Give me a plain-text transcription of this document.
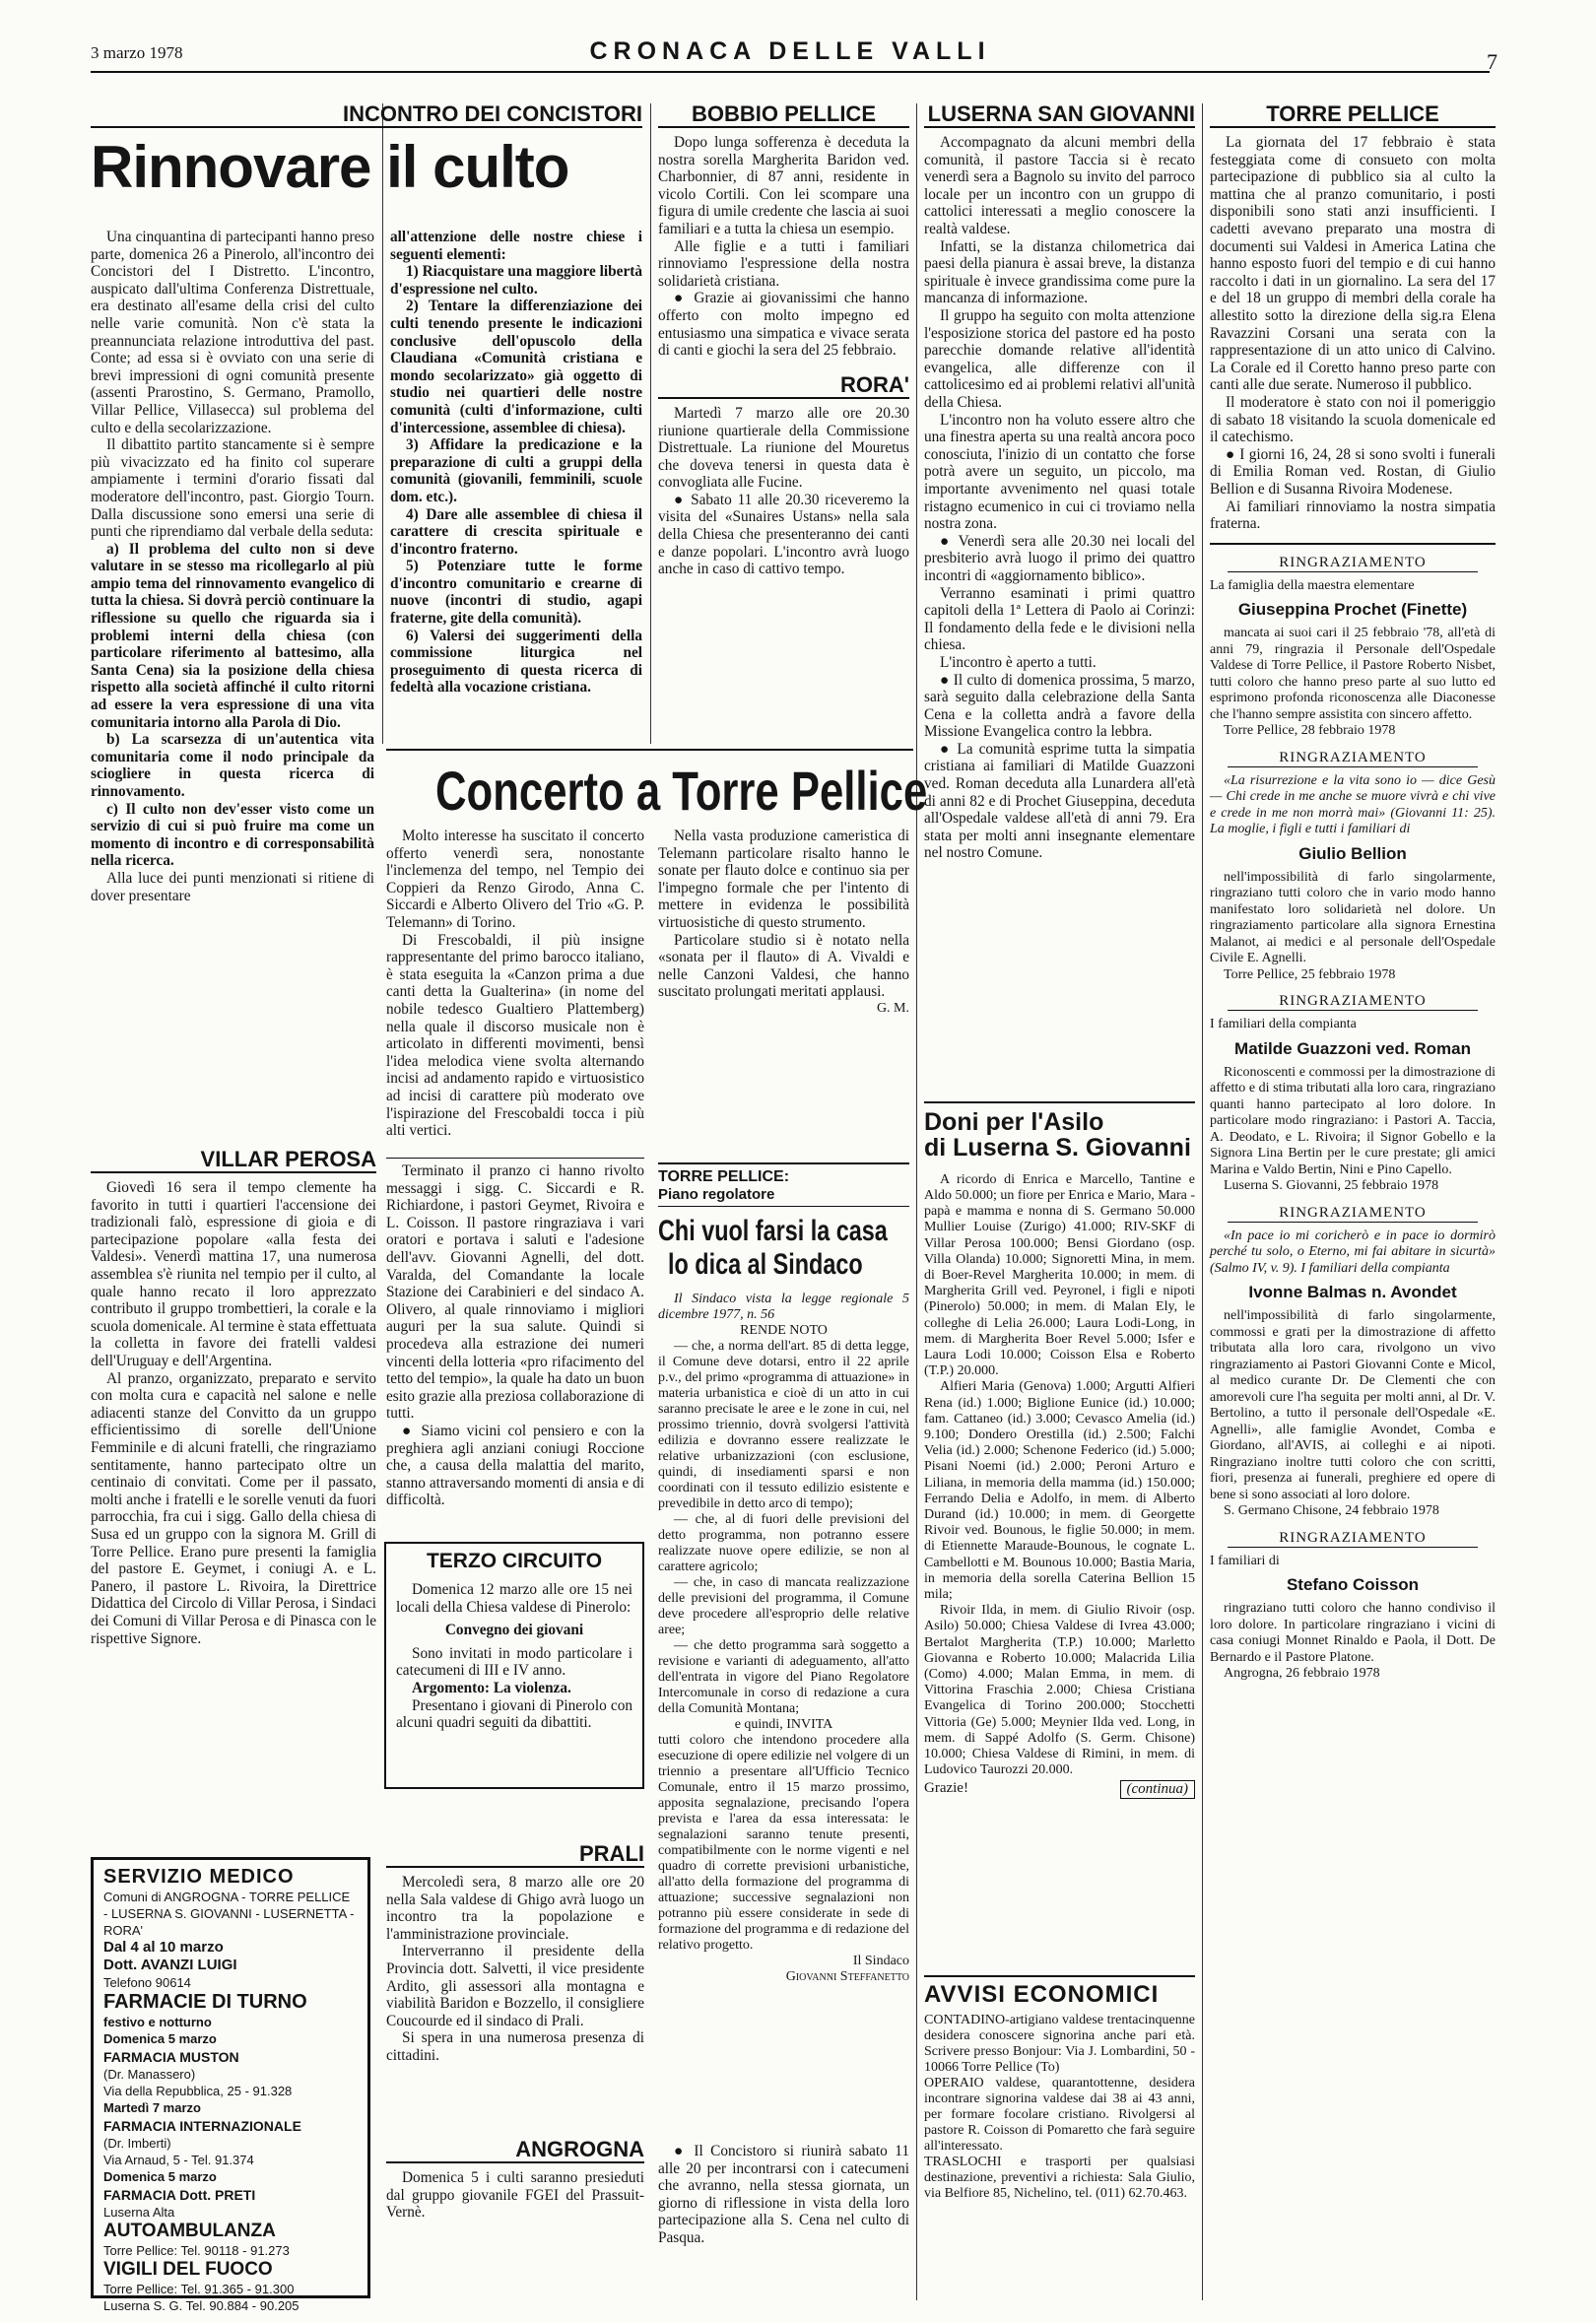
3 marzo 1978	CRONACA DELLE VALLI	7
INCONTRO DEI CONCISTORI
Rinnovare il culto

Una cinquantina di partecipanti hanno preso parte, domenica 26 a Pinerolo, all'incontro dei Concistori del I Distretto. L'incontro, auspicato dall'ultima Conferenza Distrettuale, era destinato all'esame della crisi del culto nelle varie comunità. Non c'è stata la preannunciata relazione introduttiva del past. Conte; ad essa si è ovviato con una serie di brevi impressioni di ogni comunità presente (assenti Prarostino, S. Germano, Pramollo, Villar Pellice, Villasecca) sul problema del culto e della secolarizzazione.

Il dibattito partito stancamente si è sempre più vivacizzato ed ha finito col superare ampiamente i termini d'orario fissati dal moderatore dell'incontro, past. Giorgio Tourn. Dalla discussione sono emersi una serie di punti che riprendiamo dal verbale della seduta:

a) Il problema del culto non si deve valutare in se stesso ma ricollegarlo al più ampio tema del rinnovamento evangelico di tutta la chiesa. Si dovrà perciò continuare la riflessione su quello che riguarda sia i problemi interni della chiesa (con particolare riferimento al battesimo, alla Santa Cena) sia la posizione della chiesa rispetto alla società affinché il culto ritorni ad essere la vera espressione di una vita comunitaria intorno alla Parola di Dio.

b) La scarsezza di un'autentica vita comunitaria come il nodo principale da sciogliere in questa ricerca di rinnovamento.

c) Il culto non dev'esser visto come un servizio di cui si può fruire ma come un momento di incontro e di corresponsabilità nella ricerca.

Alla luce dei punti menzionati si ritiene di dover presentare

all'attenzione delle nostre chiese i seguenti elementi:

1) Riacquistare una maggiore libertà d'espressione nel culto.

2) Tentare la differenziazione dei culti tenendo presente le indicazioni conclusive dell'opuscolo della Claudiana «Comunità cristiana e mondo secolarizzato» già oggetto di studio nei quartieri delle nostre comunità (culti d'informazione, culti d'intercessione, assemblee di chiesa).

3) Affidare la predicazione e la preparazione di culti a gruppi della comunità (giovanili, femminili, scuole dom. etc.).

4) Dare alle assemblee di chiesa il carattere di crescita spirituale e d'incontro fraterno.

5) Potenziare tutte le forme d'incontro comunitario e crearne di nuove (incontri di studio, agapi fraterne, gite della comunità).

6) Valersi dei suggerimenti della commissione liturgica nel proseguimento di questa ricerca di fedeltà alla vocazione cristiana.

BOBBIO PELLICE

Dopo lunga sofferenza è deceduta la nostra sorella Margherita Baridon ved. Charbonnier, di 87 anni, residente in vicolo Cortili. Con lei scompare una figura di umile credente che lascia ai suoi familiari e a tutta la chiesa un esempio.

Alle figlie e a tutti i familiari rinnoviamo l'espressione della nostra solidarietà cristiana.

● Grazie ai giovanissimi che hanno offerto con molto impegno ed entusiasmo una simpatica e vivace serata di canti e giochi la sera del 25 febbraio.

RORA'

Martedì 7 marzo alle ore 20.30 riunione quartierale della Commissione Distrettuale. La riunione del Mouretus che doveva tenersi in questa data è convogliata alle Fucine.

● Sabato 11 alle 20.30 riceveremo la visita del «Sunaires Ustans» nella sala della Chiesa che presenteranno dei canti e danze popolari. L'incontro avrà luogo anche in caso di cattivo tempo.

LUSERNA SAN GIOVANNI

Accompagnato da alcuni membri della comunità, il pastore Taccia si è recato venerdì sera a Bagnolo su invito del parroco locale per un incontro con un gruppo di cattolici interessati a meglio conoscere la realtà valdese.

Infatti, se la distanza chilometrica dai paesi della pianura è assai breve, la distanza spirituale è invece grandissima come pure la mancanza di informazione.

Il gruppo ha seguito con molta attenzione l'esposizione storica del pastore ed ha posto parecchie domande relative all'identità evangelica, alle differenze con il cattolicesimo ed ai problemi relativi all'unità della Chiesa.

L'incontro non ha voluto essere altro che una finestra aperta su una realtà ancora poco conosciuta, l'inizio di un contatto che forse potrà avere un seguito, un piccolo, ma importante avvenimento nel quasi totale ristagno ecumenico in cui ci troviamo nella nostra zona.

● Venerdì sera alle 20.30 nei locali del presbiterio avrà luogo il primo dei quattro incontri di «aggiornamento biblico».

Verranno esaminati i primi quattro capitoli della 1ª Lettera di Paolo ai Corinzi: Il fondamento della fede e le divisioni nella chiesa.

L'incontro è aperto a tutti.

● Il culto di domenica prossima, 5 marzo, sarà seguito dalla celebrazione della Santa Cena e la colletta andrà a favore della Missione Evangelica contro la lebbra.

● La comunità esprime tutta la simpatia cristiana ai familiari di Matilde Guazzoni ved. Roman deceduta alla Lunardera all'età di anni 82 e di Prochet Giuseppina, deceduta all'Ospedale valdese all'età di anni 79. Era stata per molti anni insegnante elementare nel nostro Comune.

TORRE PELLICE

La giornata del 17 febbraio è stata festeggiata come di consueto con molta partecipazione di pubblico sia al culto la mattina che al pranzo comunitario, i posti disponibili sono stati anzi insufficienti. I cadetti avevano preparato una mostra di documenti sui Valdesi in America Latina che hanno esposto fuori del tempio e di cui hanno raccolto i dati in un giornalino. La sera del 17 e del 18 un gruppo di membri della corale ha allestito sotto la direzione della sig.ra Elena Ravazzini Corsani una serata con la rappresentazione di un atto unico di Calvino. La Corale ed il Coretto hanno preso parte con canti alle due serate. Numeroso il pubblico.

Il moderatore è stato con noi il pomeriggio di sabato 18 visitando la scuola domenicale ed il catechismo.

● I giorni 16, 24, 28 si sono svolti i funerali di Emilia Roman ved. Rostan, di Giulio Bellion e di Susanna Rivoira Modenese.

Ai familiari rinnoviamo la nostra simpatia fraterna.

RINGRAZIAMENTO

La famiglia della maestra elementare

Giuseppina Prochet (Finette)

mancata ai suoi cari il 25 febbraio '78, all'età di anni 79, ringrazia il Personale dell'Ospedale Valdese di Torre Pellice, il Pastore Roberto Nisbet, tutti coloro che hanno preso parte al suo lutto ed esprimono profonda riconoscenza alle Diaconesse che l'hanno sempre assistita con sincero affetto.

Torre Pellice, 28 febbraio 1978

RINGRAZIAMENTO

«La risurrezione e la vita sono io — dice Gesù — Chi crede in me anche se muore vivrà e chi vive e crede in me non morrà mai» (Giovanni 11: 25). La moglie, i figli e tutti i familiari di

Giulio Bellion

nell'impossibilità di farlo singolarmente, ringraziano tutti coloro che in vario modo hanno manifestato loro solidarietà nel dolore. Un ringraziamento particolare alla signora Ernestina Malanot, ai medici e al personale dell'Ospedale Civile E. Agnelli.

Torre Pellice, 25 febbraio 1978

RINGRAZIAMENTO

I familiari della compianta

Matilde Guazzoni ved. Roman

Riconoscenti e commossi per la dimostrazione di affetto e di stima tributati alla loro cara, ringraziano quanti hanno partecipato al loro dolore. In particolare modo ringraziano: i Pastori A. Taccia, A. Deodato, e L. Rivoira; il Signor Gobello e la Signora Lina Bertin per le cure prestate; gli amici Marina e Valdo Bertin, Nini e Pino Capello.

Luserna S. Giovanni, 25 febbraio 1978

RINGRAZIAMENTO

«In pace io mi coricherò e in pace io dormirò perché tu solo, o Eterno, mi fai abitare in sicurtà» (Salmo IV, v. 9). I familiari della compianta

Ivonne Balmas n. Avondet

nell'impossibilità di farlo singolarmente, commossi e grati per la dimostrazione di affetto tributata alla loro cara, rivolgono un vivo ringraziamento ai Pastori Giovanni Conte e Micol, al medico curante Dr. De Clementi che con amorevoli cure l'ha seguita per molti anni, al Dr. V. Bertolino, a tutto il personale dell'Ospedale «E. Agnelli», alle famiglie Avondet, Comba e Giordano, all'AVIS, ai colleghi e ai nipoti. Ringraziano inoltre tutti coloro che con scritti, fiori, presenza ai funerali, preghiere ed opere di bene si sono associati al loro dolore.

S. Germano Chisone, 24 febbraio 1978

RINGRAZIAMENTO

I familiari di

Stefano Coisson

ringraziano tutti coloro che hanno condiviso il loro dolore. In particolare ringraziano i vicini di casa coniugi Monnet Rinaldo e Paola, il Dott. De Bernardo e il Pastore Platone.

Angrogna, 26 febbraio 1978

Concerto a Torre Pellice

Molto interesse ha suscitato il concerto offerto venerdì sera, nonostante l'inclemenza del tempo, nel Tempio dei Coppieri da Renzo Girodo, Anna C. Siccardi e Alberto Olivero del Trio «G. P. Telemann» di Torino.

Di Frescobaldi, il più insigne rappresentante del primo barocco italiano, è stata eseguita la «Canzon prima a due canti detta la Gualterina» (in nome del nobile tedesco Gualtiero Plattemberg) nella quale il discorso musicale non è articolato in differenti movimenti, bensì l'idea melodica viene svolta alternando incisi ad andamento rapido e virtuosistico ad incisi di carattere più moderato ove l'ispirazione del Frescobaldi tocca i più alti vertici.

Nella vasta produzione cameristica di Telemann particolare risalto hanno le sonate per flauto dolce e continuo sia per l'impegno formale che per l'intento di mettere in evidenza le possibilità virtuosistiche di questo strumento.

Particolare studio si è notato nella «sonata per il flauto» di A. Vivaldi e nelle Canzoni Valdesi, che hanno suscitato prolungati meritati applausi.

G. M.
VILLAR PEROSA

Giovedì 16 sera il tempo clemente ha favorito in tutti i quartieri l'accensione dei tradizionali falò, espressione di gioia e di partecipazione popolare «alla festa dei Valdesi». Venerdì mattina 17, una numerosa assemblea s'è riunita nel tempio per il culto, al quale hanno recato il loro apprezzato contributo il gruppo trombettieri, la corale e la scuola domenicale. Al termine è stata effettuata la colletta in favore dei fratelli valdesi dell'Uruguay e dell'Argentina.

Al pranzo, organizzato, preparato e servito con molta cura e capacità nel salone e nelle adiacenti stanze del Convitto da un gruppo efficientissimo di sorelle dell'Unione Femminile e di alcuni fratelli, che ringraziamo sentitamente, hanno partecipato oltre un centinaio di convitati. Come per il passato, molti anche i fratelli e le sorelle venuti da fuori parrocchia, fra cui i sigg. Gallo della chiesa di Susa ed un gruppo con la signora M. Grill di Torre Pellice. Erano pure presenti la famiglia del pastore E. Geymet, i coniugi A. e L. Panero, il pastore L. Rivoira, la Direttrice Didattica del Circolo di Villar Perosa, i Sindaci dei Comuni di Villar Perosa e di Pinasca con le rispettive Signore.

Terminato il pranzo ci hanno rivolto messaggi i sigg. C. Siccardi e R. Richiardone, i pastori Geymet, Rivoira e L. Coisson. Il pastore ringraziava i vari oratori e portava i saluti e l'adesione dell'avv. Giovanni Agnelli, del dott. Varalda, del Comandante la locale Stazione dei Carabinieri e del sindaco A. Olivero, al quale rinnoviamo i migliori auguri per la sua salute. Quindi si procedeva alla estrazione dei numeri vincenti della lotteria «pro rifacimento del tetto del tempio», la quale ha dato un buon esito grazie alla preziosa collaborazione di tutti.

● Siamo vicini col pensiero e con la preghiera agli anziani coniugi Roccione che, a causa della malattia del marito, stanno attraversando momenti di ansia e di difficoltà.

TERZO CIRCUITO

Domenica 12 marzo alle ore 15 nei locali della Chiesa valdese di Pinerolo:

Convegno dei giovani

Sono invitati in modo particolare i catecumeni di III e IV anno.

Argomento: La violenza.

Presentano i giovani di Pinerolo con alcuni quadri seguiti da dibattiti.

PRALI

Mercoledì sera, 8 marzo alle ore 20 nella Sala valdese di Ghigo avrà luogo un incontro tra la popolazione e l'amministrazione provinciale.

Interverranno il presidente della Provincia dott. Salvetti, il vice presidente Ardito, gli assessori alla montagna e viabilità Baridon e Bozzello, il consigliere Coucourde ed il sindaco di Prali.

Si spera in una numerosa presenza di cittadini.

ANGROGNA

Domenica 5 i culti saranno presieduti dal gruppo giovanile FGEI del Prassuit-Vernè.

● Il Concistoro si riunirà sabato 11 alle 20 per incontrarsi con i catecumeni che avranno, nella stessa giornata, un giorno di riflessione in vista della loro partecipazione alla S. Cena nel culto di Pasqua.

SERVIZIO MEDICO
Comuni di ANGROGNA - TORRE PELLICE - LUSERNA S. GIOVANNI - LUSERNETTA - RORA'
Dal 4 al 10 marzo
Dott. AVANZI LUIGI
Telefono 90614
FARMACIE DI TURNO
festivo e notturno
Domenica 5 marzo
FARMACIA MUSTON
(Dr. Manassero)
Via della Repubblica, 25 - 91.328
Martedì 7 marzo
FARMACIA INTERNAZIONALE
(Dr. Imberti)
Via Arnaud, 5 - Tel. 91.374
Domenica 5 marzo
FARMACIA Dott. PRETI
Luserna Alta
AUTOAMBULANZA
Torre Pellice: Tel. 90118 - 91.273
VIGILI DEL FUOCO
Torre Pellice: Tel. 91.365 - 91.300
Luserna S. G. Tel. 90.884 - 90.205
TORRE PELLICE:
Piano regolatore
Chi vuol farsi la casa
lo dica al Sindaco

Il Sindaco vista la legge regionale 5 dicembre 1977, n. 56

RENDE NOTO

— che, a norma dell'art. 85 di detta legge, il Comune deve dotarsi, entro il 22 aprile p.v., del primo «programma di attuazione» in materia urbanistica e cioè di un atto in cui saranno precisate le aree e le zone in cui, nel prossimo triennio, dovrà svolgersi l'attività edilizia e dovranno essere realizzate le relative urbanizzazioni (con esclusione, quindi, di insediamenti sparsi e non coordinati con il tessuto edilizio esistente e prevedibile in detto arco di tempo);

— che, al di fuori delle previsioni del detto programma, non potranno essere realizzate nuove opere edilizie, se non al carattere agricolo;

— che, in caso di mancata realizzazione delle previsioni del programma, il Comune deve procedere all'esproprio delle relative aree;

— che detto programma sarà soggetto a revisione e varianti di adeguamento, all'atto dell'entrata in vigore del Piano Regolatore Intercomunale in corso di redazione a cura della Comunità Montana;

e quindi, INVITA

tutti coloro che intendono procedere alla esecuzione di opere edilizie nel volgere di un triennio a presentare all'Ufficio Tecnico Comunale, entro il 15 marzo prossimo, apposita segnalazione, precisando l'opera prevista e l'area da essa interessata: le segnalazioni saranno tenute presenti, compatibilmente con le norme vigenti e nel quadro di corrette previsioni urbanistiche, all'atto della formazione del programma di attuazione; successive segnalazioni non potranno più essere considerate in sede di formazione del programma e di redazione del relativo progetto.

Il Sindaco
Giovanni Steffanetto
Doni per l'Asilo
di Luserna S. Giovanni

A ricordo di Enrica e Marcello, Tantine e Aldo 50.000; un fiore per Enrica e Mario, Mara - papà e mamma e nonna di S. Germano 50.000 Mullier Louise (Zurigo) 41.000; RIV-SKF di Villar Perosa 100.000; Bensi Giordano (osp. Villa Olanda) 10.000; Signoretti Mina, in mem. di Boer-Revel Margherita 10.000; in mem. di Margherita Grill ved. Peyronel, i figli e nipoti (Pinerolo) 50.000; in mem. di Malan Ely, le colleghe di Lelia 26.000; Laura Lodi-Long, in mem. di Margherita Boer Revel 5.000; Isfer e Laura Lodi 10.000; Coisson Elsa e Roberto (T.P.) 20.000.

Alfieri Maria (Genova) 1.000; Argutti Alfieri Rena (id.) 1.000; Biglione Eunice (id.) 10.000; fam. Cattaneo (id.) 3.000; Cevasco Amelia (id.) 9.100; Dondero Orestilla (id.) 2.500; Falchi Velia (id.) 2.000; Schenone Federico (id.) 5.000; Pisani Noemi (id.) 2.000; Peroni Arturo e Liliana, in memoria della mamma (id.) 150.000; Ferrando Delia e Adolfo, in mem. di Alberto Durand (id.) 10.000; in mem. di Georgette Rivoir ved. Bounous, le figlie 50.000; in mem. di Etiennette Maraude-Bounous, le cognate L. Cambellotti e M. Bounous 10.000; Bastia Maria, in memoria della sorella Caterina Bellion 15 mila;

Rivoir Ilda, in mem. di Giulio Rivoir (osp. Asilo) 50.000; Chiesa Valdese di Ivrea 43.000; Bertalot Margherita (T.P.) 10.000; Marletto Giovanna e Roberto 10.000; Malacrida Lilia (Como) 4.000; Malan Emma, in mem. di Vittorina Fraschia 2.000; Chiesa Cristiana Evangelica di Torino 200.000; Stocchetti Vittoria (Ge) 5.000; Meynier Ilda ved. Long, in mem. di Sappé Adolfo (S. Germ. Chisone) 10.000; Chiesa Valdese di Rimini, in mem. di Ludovico Taurozzi 20.000.

Grazie!	(continua)
AVVISI ECONOMICI

CONTADINO-artigiano valdese trentacinquenne desidera conoscere signorina anche pari età. Scrivere presso Bonjour: Via J. Lombardini, 50 - 10066 Torre Pellice (To)

OPERAIO valdese, quarantottenne, desidera incontrare signorina valdese dai 38 ai 43 anni, per formare focolare cristiano. Rivolgersi al pastore R. Coisson di Pomaretto che farà seguire all'interessato.

TRASLOCHI e trasporti per qualsiasi destinazione, preventivi a richiesta: Sala Giulio, via Belfiore 85, Nichelino, tel. (011) 62.70.463.
